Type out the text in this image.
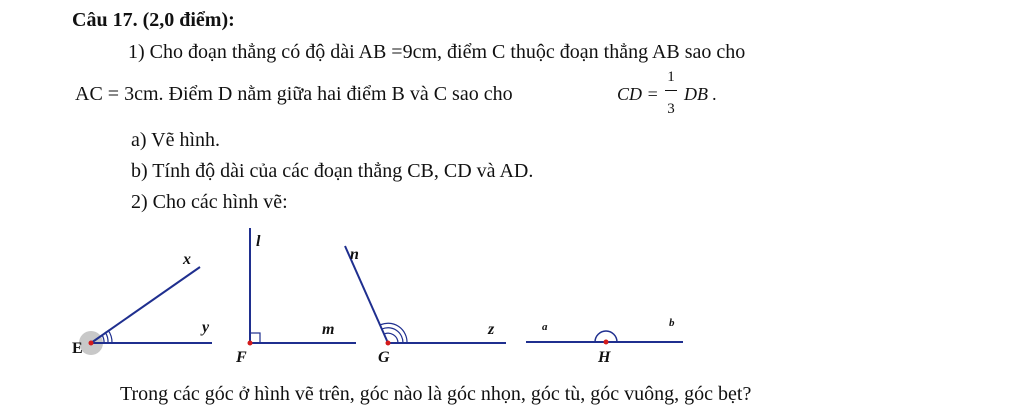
Câu 17. (2,0 điểm):
1) Cho đoạn thẳng có độ dài AB =9cm, điểm C thuộc đoạn thẳng AB sao cho
AC = 3cm. Điểm D nằm giữa hai điểm B và C sao cho	CD =
1
3
DB .
a) Vẽ hình.
b) Tính độ dài của các đoạn thẳng CB, CD và AD.
2) Cho các hình vẽ:
E
x
y
F
l
m
G
n
z
H
a	b
Trong các góc ở hình vẽ trên, góc nào là góc nhọn, góc tù, góc vuông, góc bẹt?
